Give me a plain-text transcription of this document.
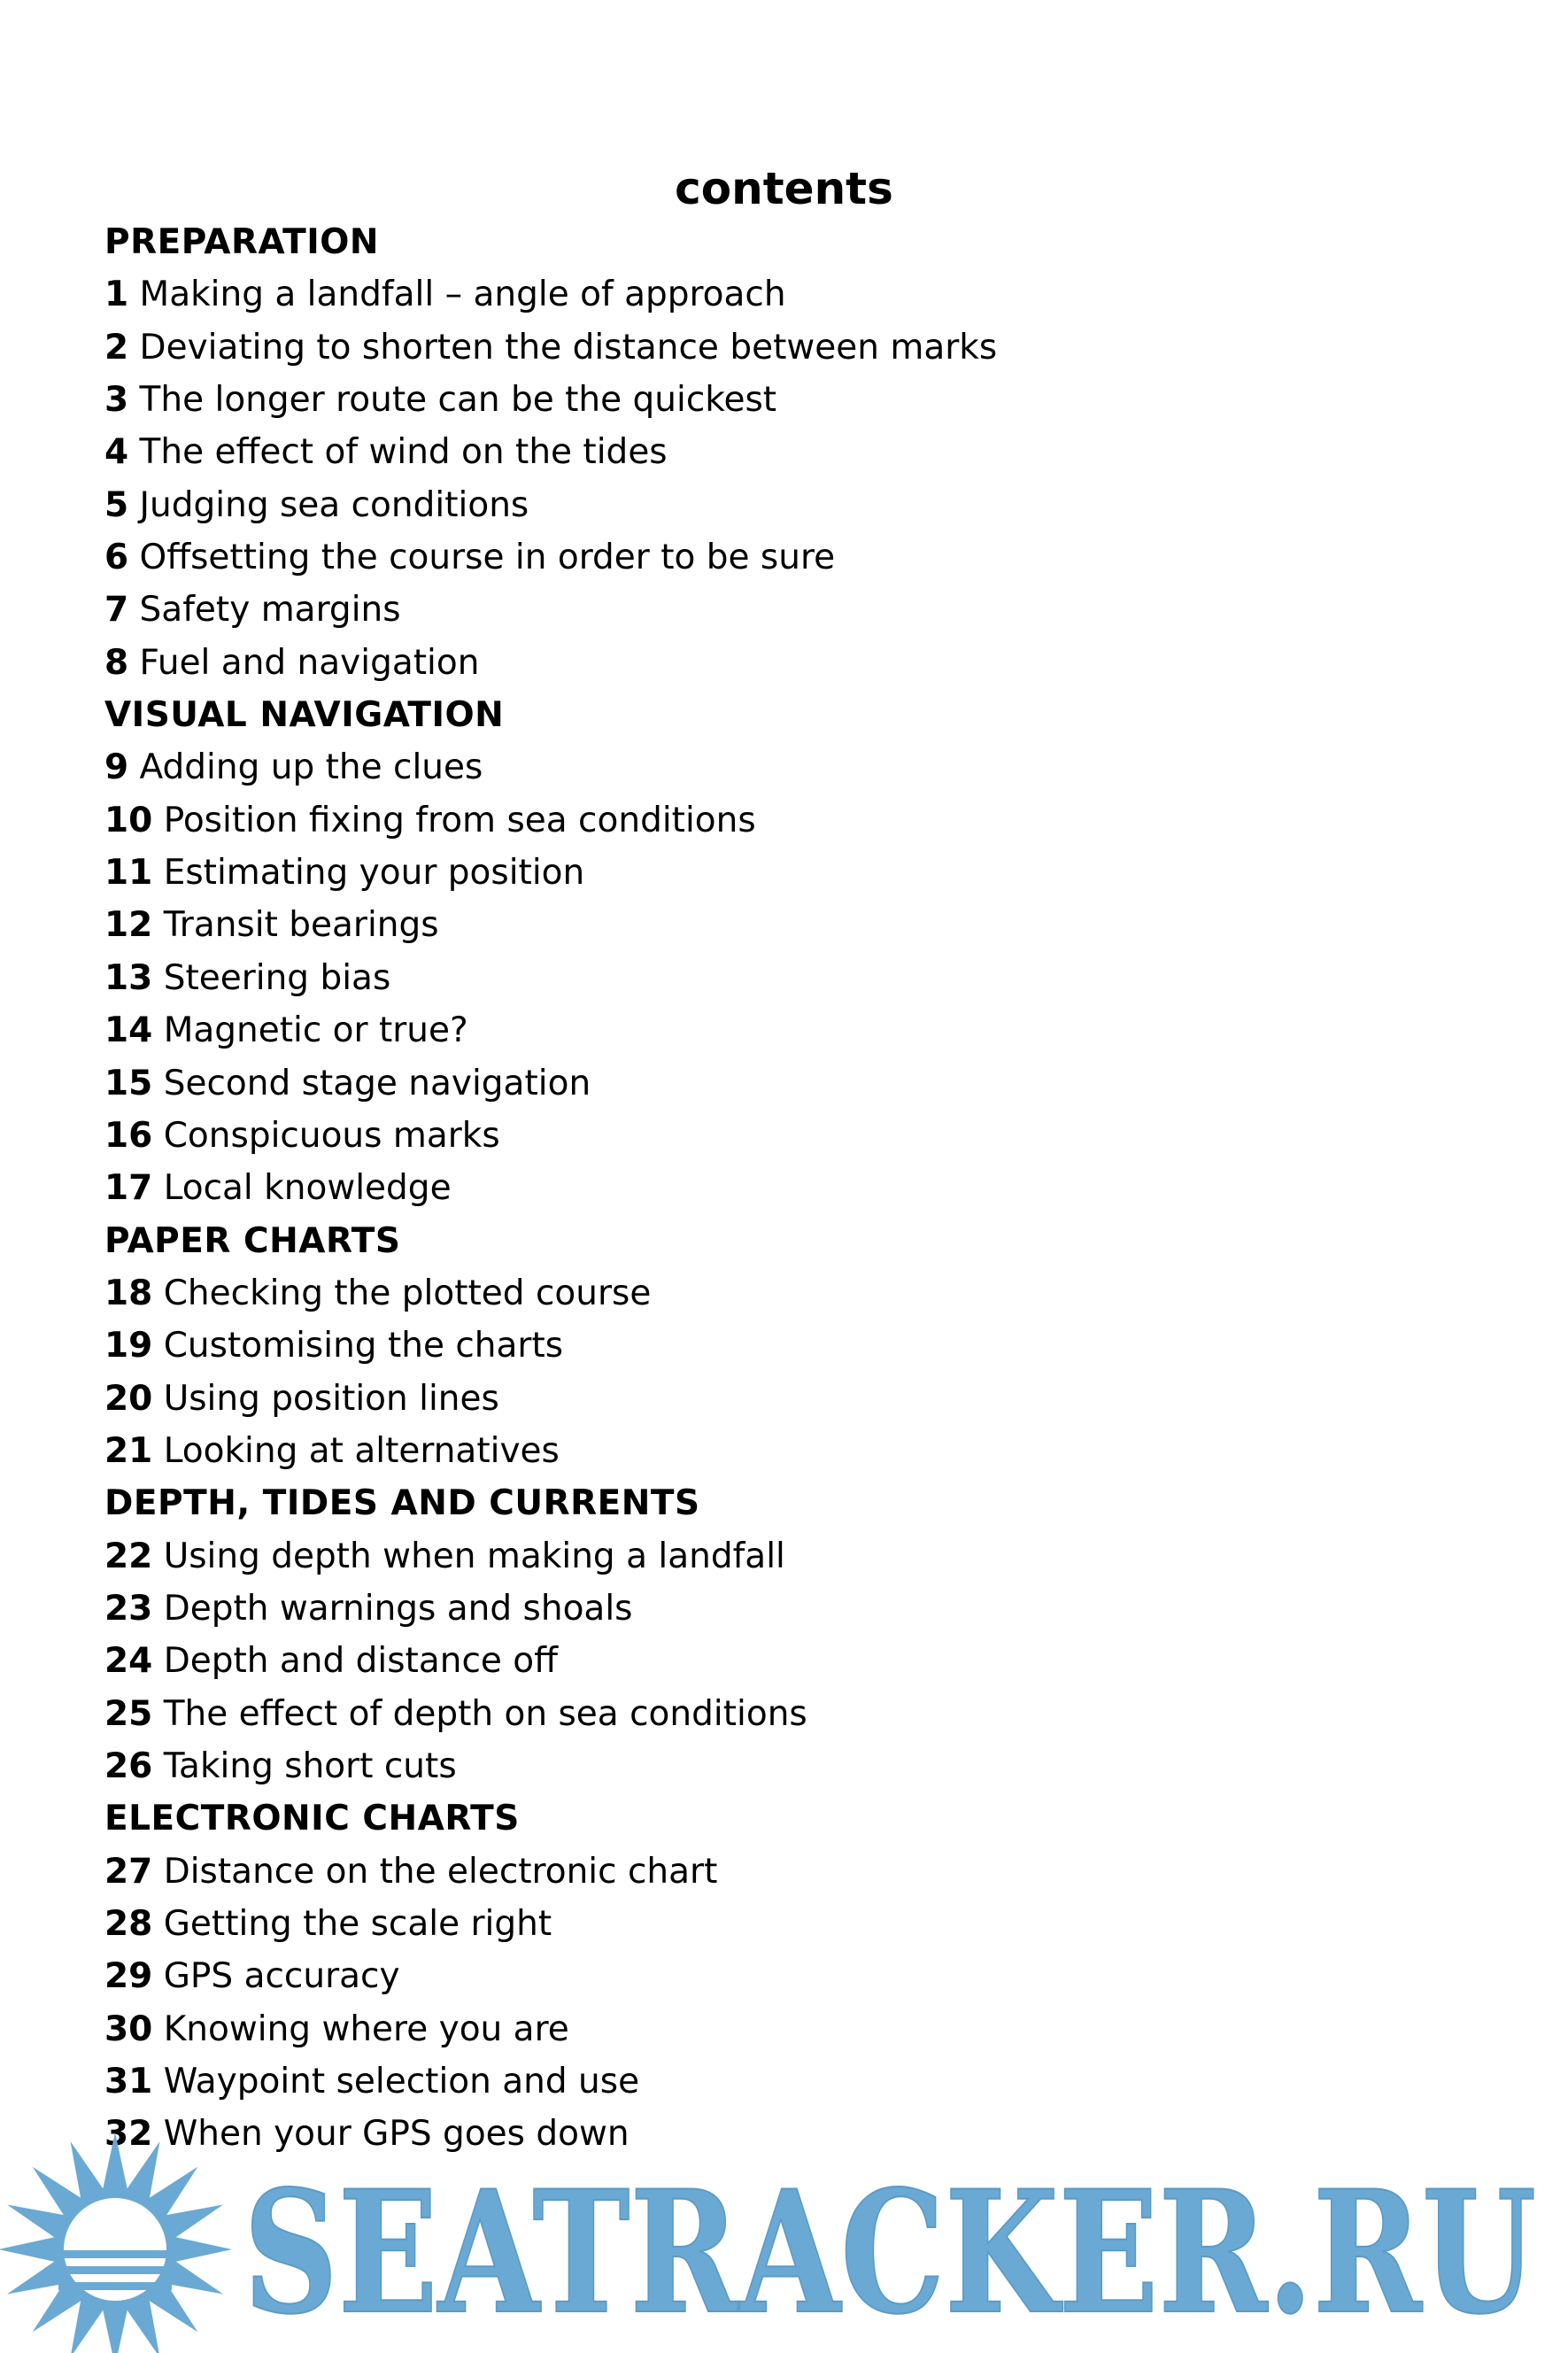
contents
PREPARATION
1 Making a landfall – angle of approach
2 Deviating to shorten the distance between marks
3 The longer route can be the quickest
4 The effect of wind on the tides
5 Judging sea conditions
6 Offsetting the course in order to be sure
7 Safety margins
8 Fuel and navigation
VISUAL NAVIGATION
9 Adding up the clues
10 Position fixing from sea conditions
11 Estimating your position
12 Transit bearings
13 Steering bias
14 Magnetic or true?
15 Second stage navigation
16 Conspicuous marks
17 Local knowledge
PAPER CHARTS
18 Checking the plotted course
19 Customising the charts
20 Using position lines
21 Looking at alternatives
DEPTH, TIDES AND CURRENTS
22 Using depth when making a landfall
23 Depth warnings and shoals
24 Depth and distance off
25 The effect of depth on sea conditions
26 Taking short cuts
ELECTRONIC CHARTS
27 Distance on the electronic chart
28 Getting the scale right
29 GPS accuracy
30 Knowing where you are
31 Waypoint selection and use
32 When your GPS goes down
SEATRACKER.RU
